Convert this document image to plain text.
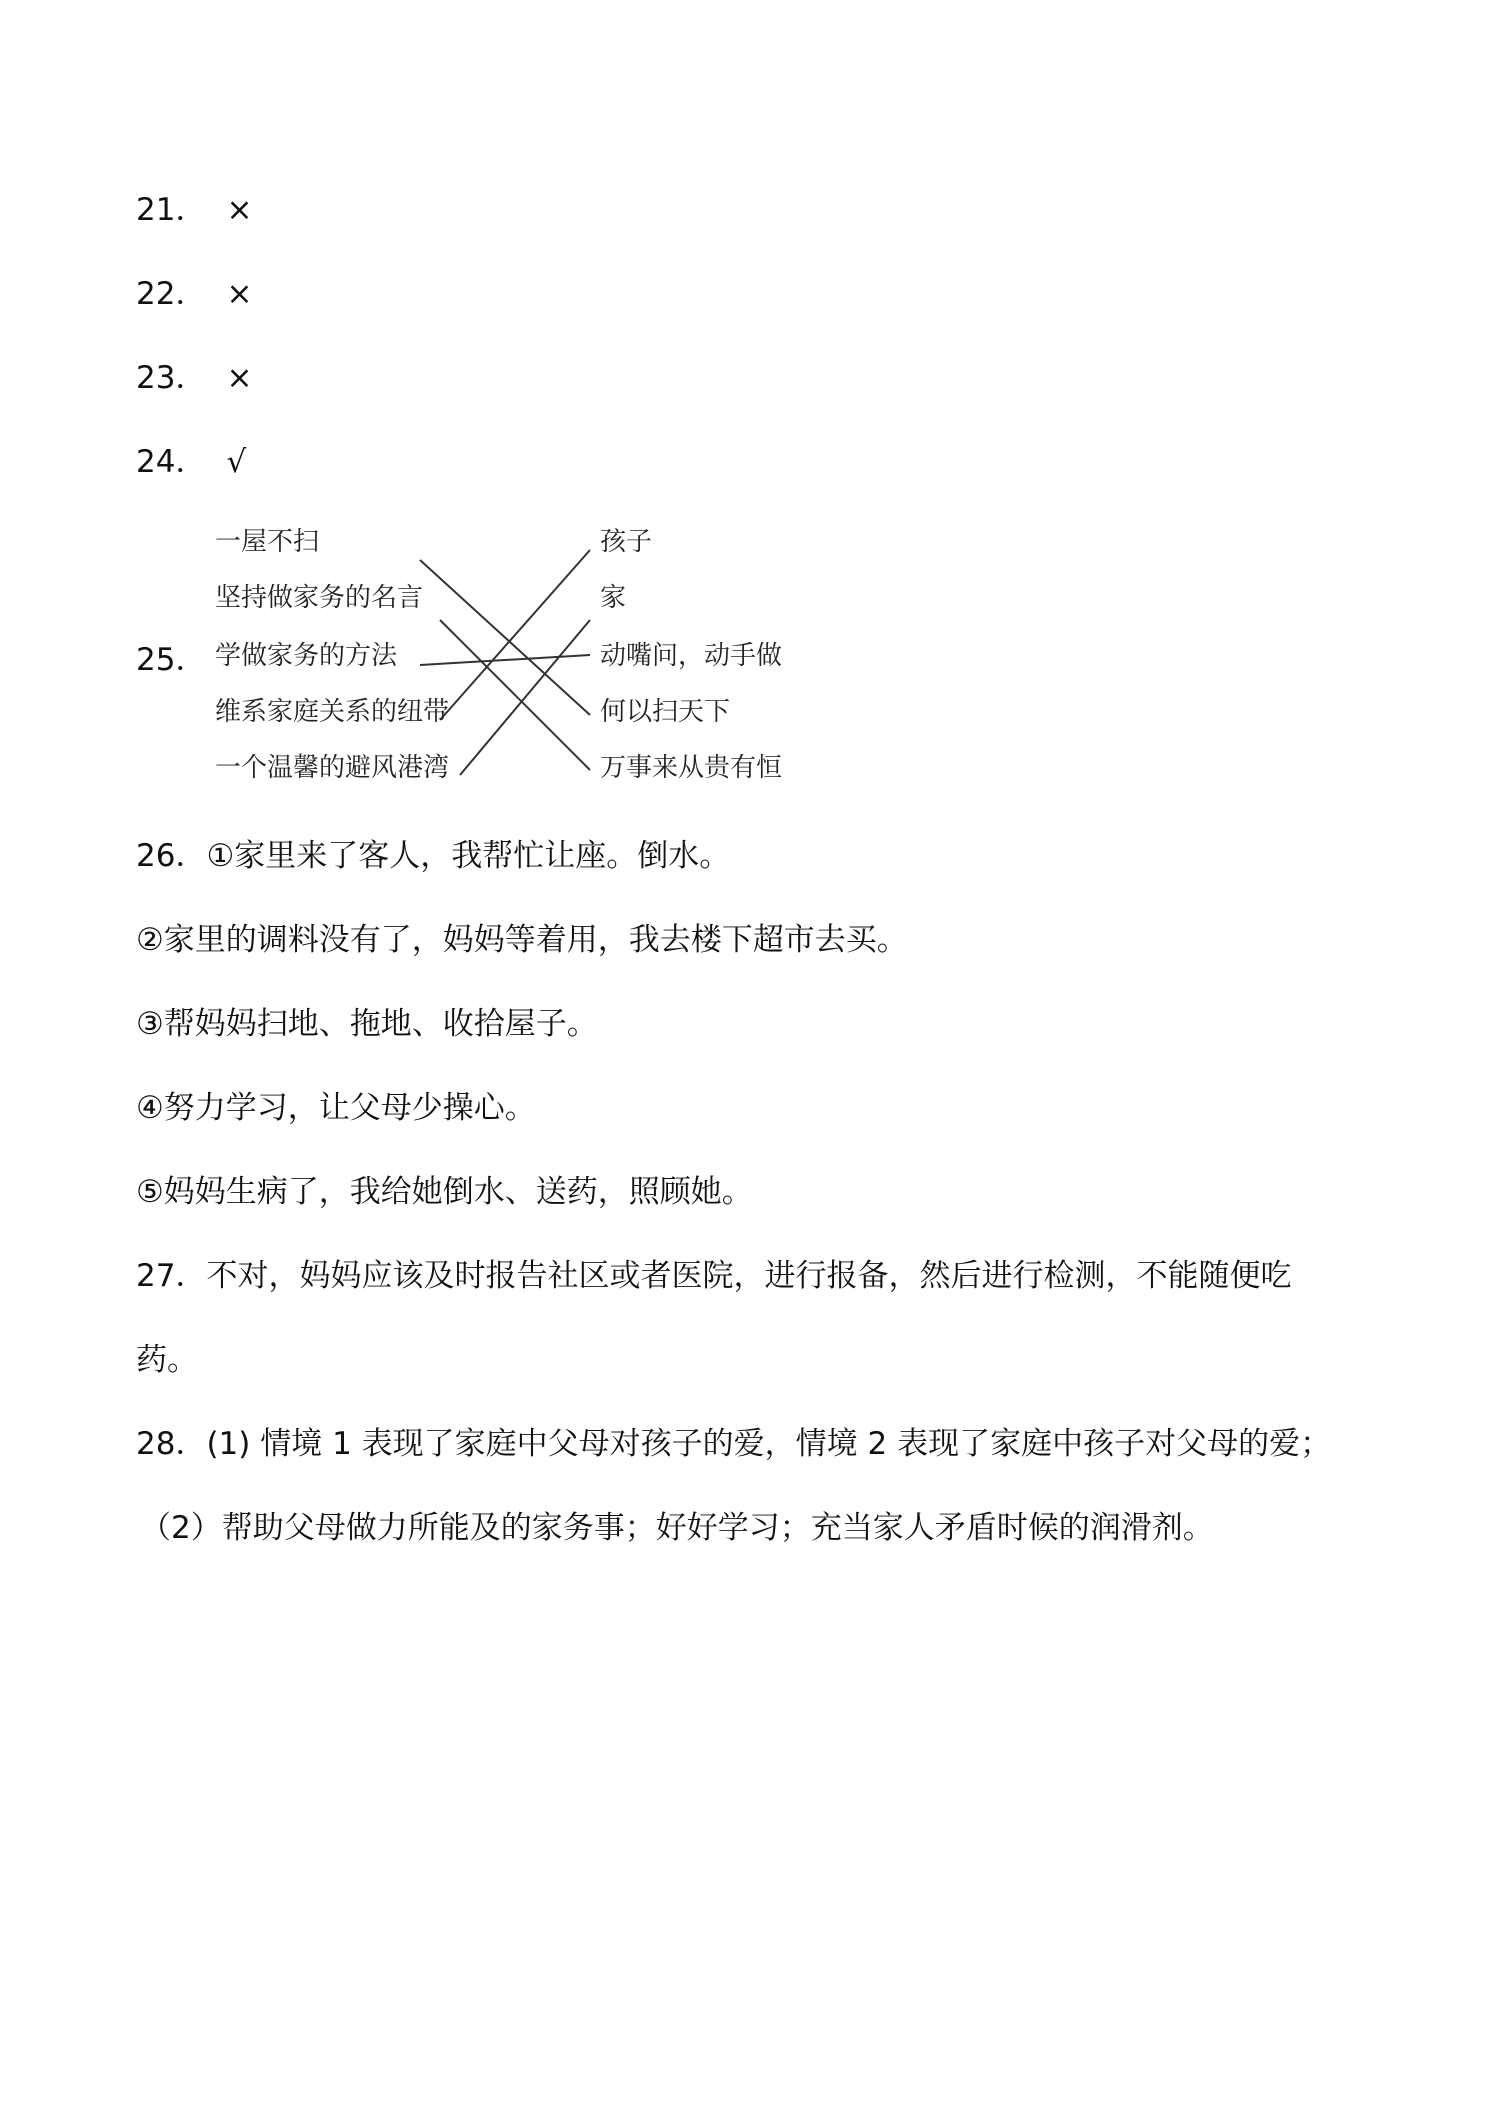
21． ×
22． ×
23． ×
24． √
25．
一屋不扫
坚持做家务的名言
学做家务的方法
维系家庭关系的纽带
一个温馨的避风港湾
孩子
家
动嘴问，动手做
何以扫天下
万事来从贵有恒
26．①家里来了客人，我帮忙让座。倒水。
②家里的调料没有了，妈妈等着用，我去楼下超市去买。
③帮妈妈扫地、拖地、收拾屋子。
④努力学习，让父母少操心。
⑤妈妈生病了，我给她倒水、送药，照顾她。
27．不对，妈妈应该及时报告社区或者医院，进行报备，然后进行检测，不能随便吃
药。
28．(1) 情境 1 表现了家庭中父母对孩子的爱，情境 2 表现了家庭中孩子对父母的爱；
（2）帮助父母做力所能及的家务事；好好学习；充当家人矛盾时候的润滑剂。
